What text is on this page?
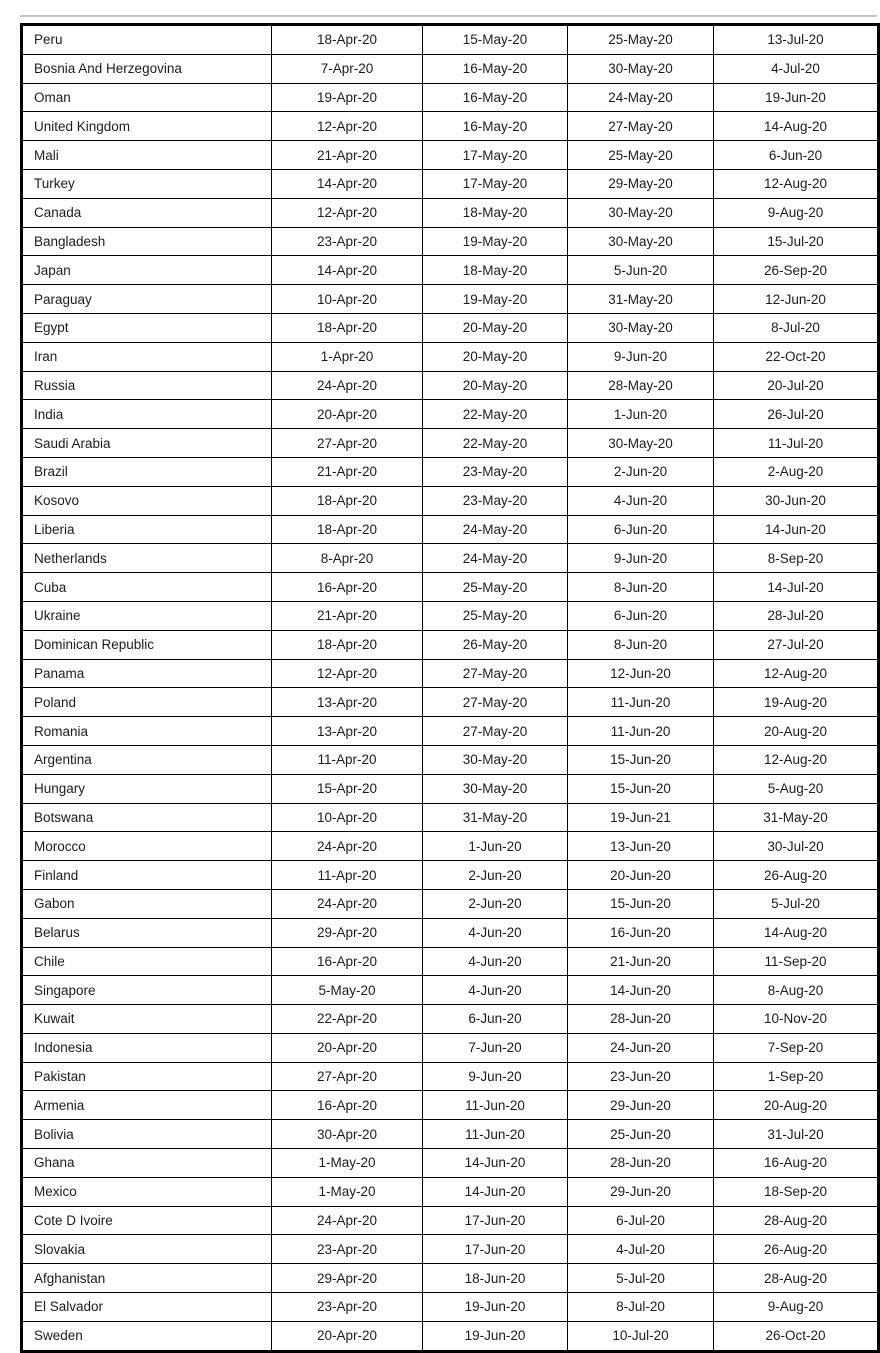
Peru	18-Apr-20	15-May-20	25-May-20	13-Jul-20
Bosnia And Herzegovina	7-Apr-20	16-May-20	30-May-20	4-Jul-20
Oman	19-Apr-20	16-May-20	24-May-20	19-Jun-20
United Kingdom	12-Apr-20	16-May-20	27-May-20	14-Aug-20
Mali	21-Apr-20	17-May-20	25-May-20	6-Jun-20
Turkey	14-Apr-20	17-May-20	29-May-20	12-Aug-20
Canada	12-Apr-20	18-May-20	30-May-20	9-Aug-20
Bangladesh	23-Apr-20	19-May-20	30-May-20	15-Jul-20
Japan	14-Apr-20	18-May-20	5-Jun-20	26-Sep-20
Paraguay	10-Apr-20	19-May-20	31-May-20	12-Jun-20
Egypt	18-Apr-20	20-May-20	30-May-20	8-Jul-20
Iran	1-Apr-20	20-May-20	9-Jun-20	22-Oct-20
Russia	24-Apr-20	20-May-20	28-May-20	20-Jul-20
India	20-Apr-20	22-May-20	1-Jun-20	26-Jul-20
Saudi Arabia	27-Apr-20	22-May-20	30-May-20	11-Jul-20
Brazil	21-Apr-20	23-May-20	2-Jun-20	2-Aug-20
Kosovo	18-Apr-20	23-May-20	4-Jun-20	30-Jun-20
Liberia	18-Apr-20	24-May-20	6-Jun-20	14-Jun-20
Netherlands	8-Apr-20	24-May-20	9-Jun-20	8-Sep-20
Cuba	16-Apr-20	25-May-20	8-Jun-20	14-Jul-20
Ukraine	21-Apr-20	25-May-20	6-Jun-20	28-Jul-20
Dominican Republic	18-Apr-20	26-May-20	8-Jun-20	27-Jul-20
Panama	12-Apr-20	27-May-20	12-Jun-20	12-Aug-20
Poland	13-Apr-20	27-May-20	11-Jun-20	19-Aug-20
Romania	13-Apr-20	27-May-20	11-Jun-20	20-Aug-20
Argentina	11-Apr-20	30-May-20	15-Jun-20	12-Aug-20
Hungary	15-Apr-20	30-May-20	15-Jun-20	5-Aug-20
Botswana	10-Apr-20	31-May-20	19-Jun-21	31-May-20
Morocco	24-Apr-20	1-Jun-20	13-Jun-20	30-Jul-20
Finland	11-Apr-20	2-Jun-20	20-Jun-20	26-Aug-20
Gabon	24-Apr-20	2-Jun-20	15-Jun-20	5-Jul-20
Belarus	29-Apr-20	4-Jun-20	16-Jun-20	14-Aug-20
Chile	16-Apr-20	4-Jun-20	21-Jun-20	11-Sep-20
Singapore	5-May-20	4-Jun-20	14-Jun-20	8-Aug-20
Kuwait	22-Apr-20	6-Jun-20	28-Jun-20	10-Nov-20
Indonesia	20-Apr-20	7-Jun-20	24-Jun-20	7-Sep-20
Pakistan	27-Apr-20	9-Jun-20	23-Jun-20	1-Sep-20
Armenia	16-Apr-20	11-Jun-20	29-Jun-20	20-Aug-20
Bolivia	30-Apr-20	11-Jun-20	25-Jun-20	31-Jul-20
Ghana	1-May-20	14-Jun-20	28-Jun-20	16-Aug-20
Mexico	1-May-20	14-Jun-20	29-Jun-20	18-Sep-20
Cote D Ivoire	24-Apr-20	17-Jun-20	6-Jul-20	28-Aug-20
Slovakia	23-Apr-20	17-Jun-20	4-Jul-20	26-Aug-20
Afghanistan	29-Apr-20	18-Jun-20	5-Jul-20	28-Aug-20
El Salvador	23-Apr-20	19-Jun-20	8-Jul-20	9-Aug-20
Sweden	20-Apr-20	19-Jun-20	10-Jul-20	26-Oct-20
